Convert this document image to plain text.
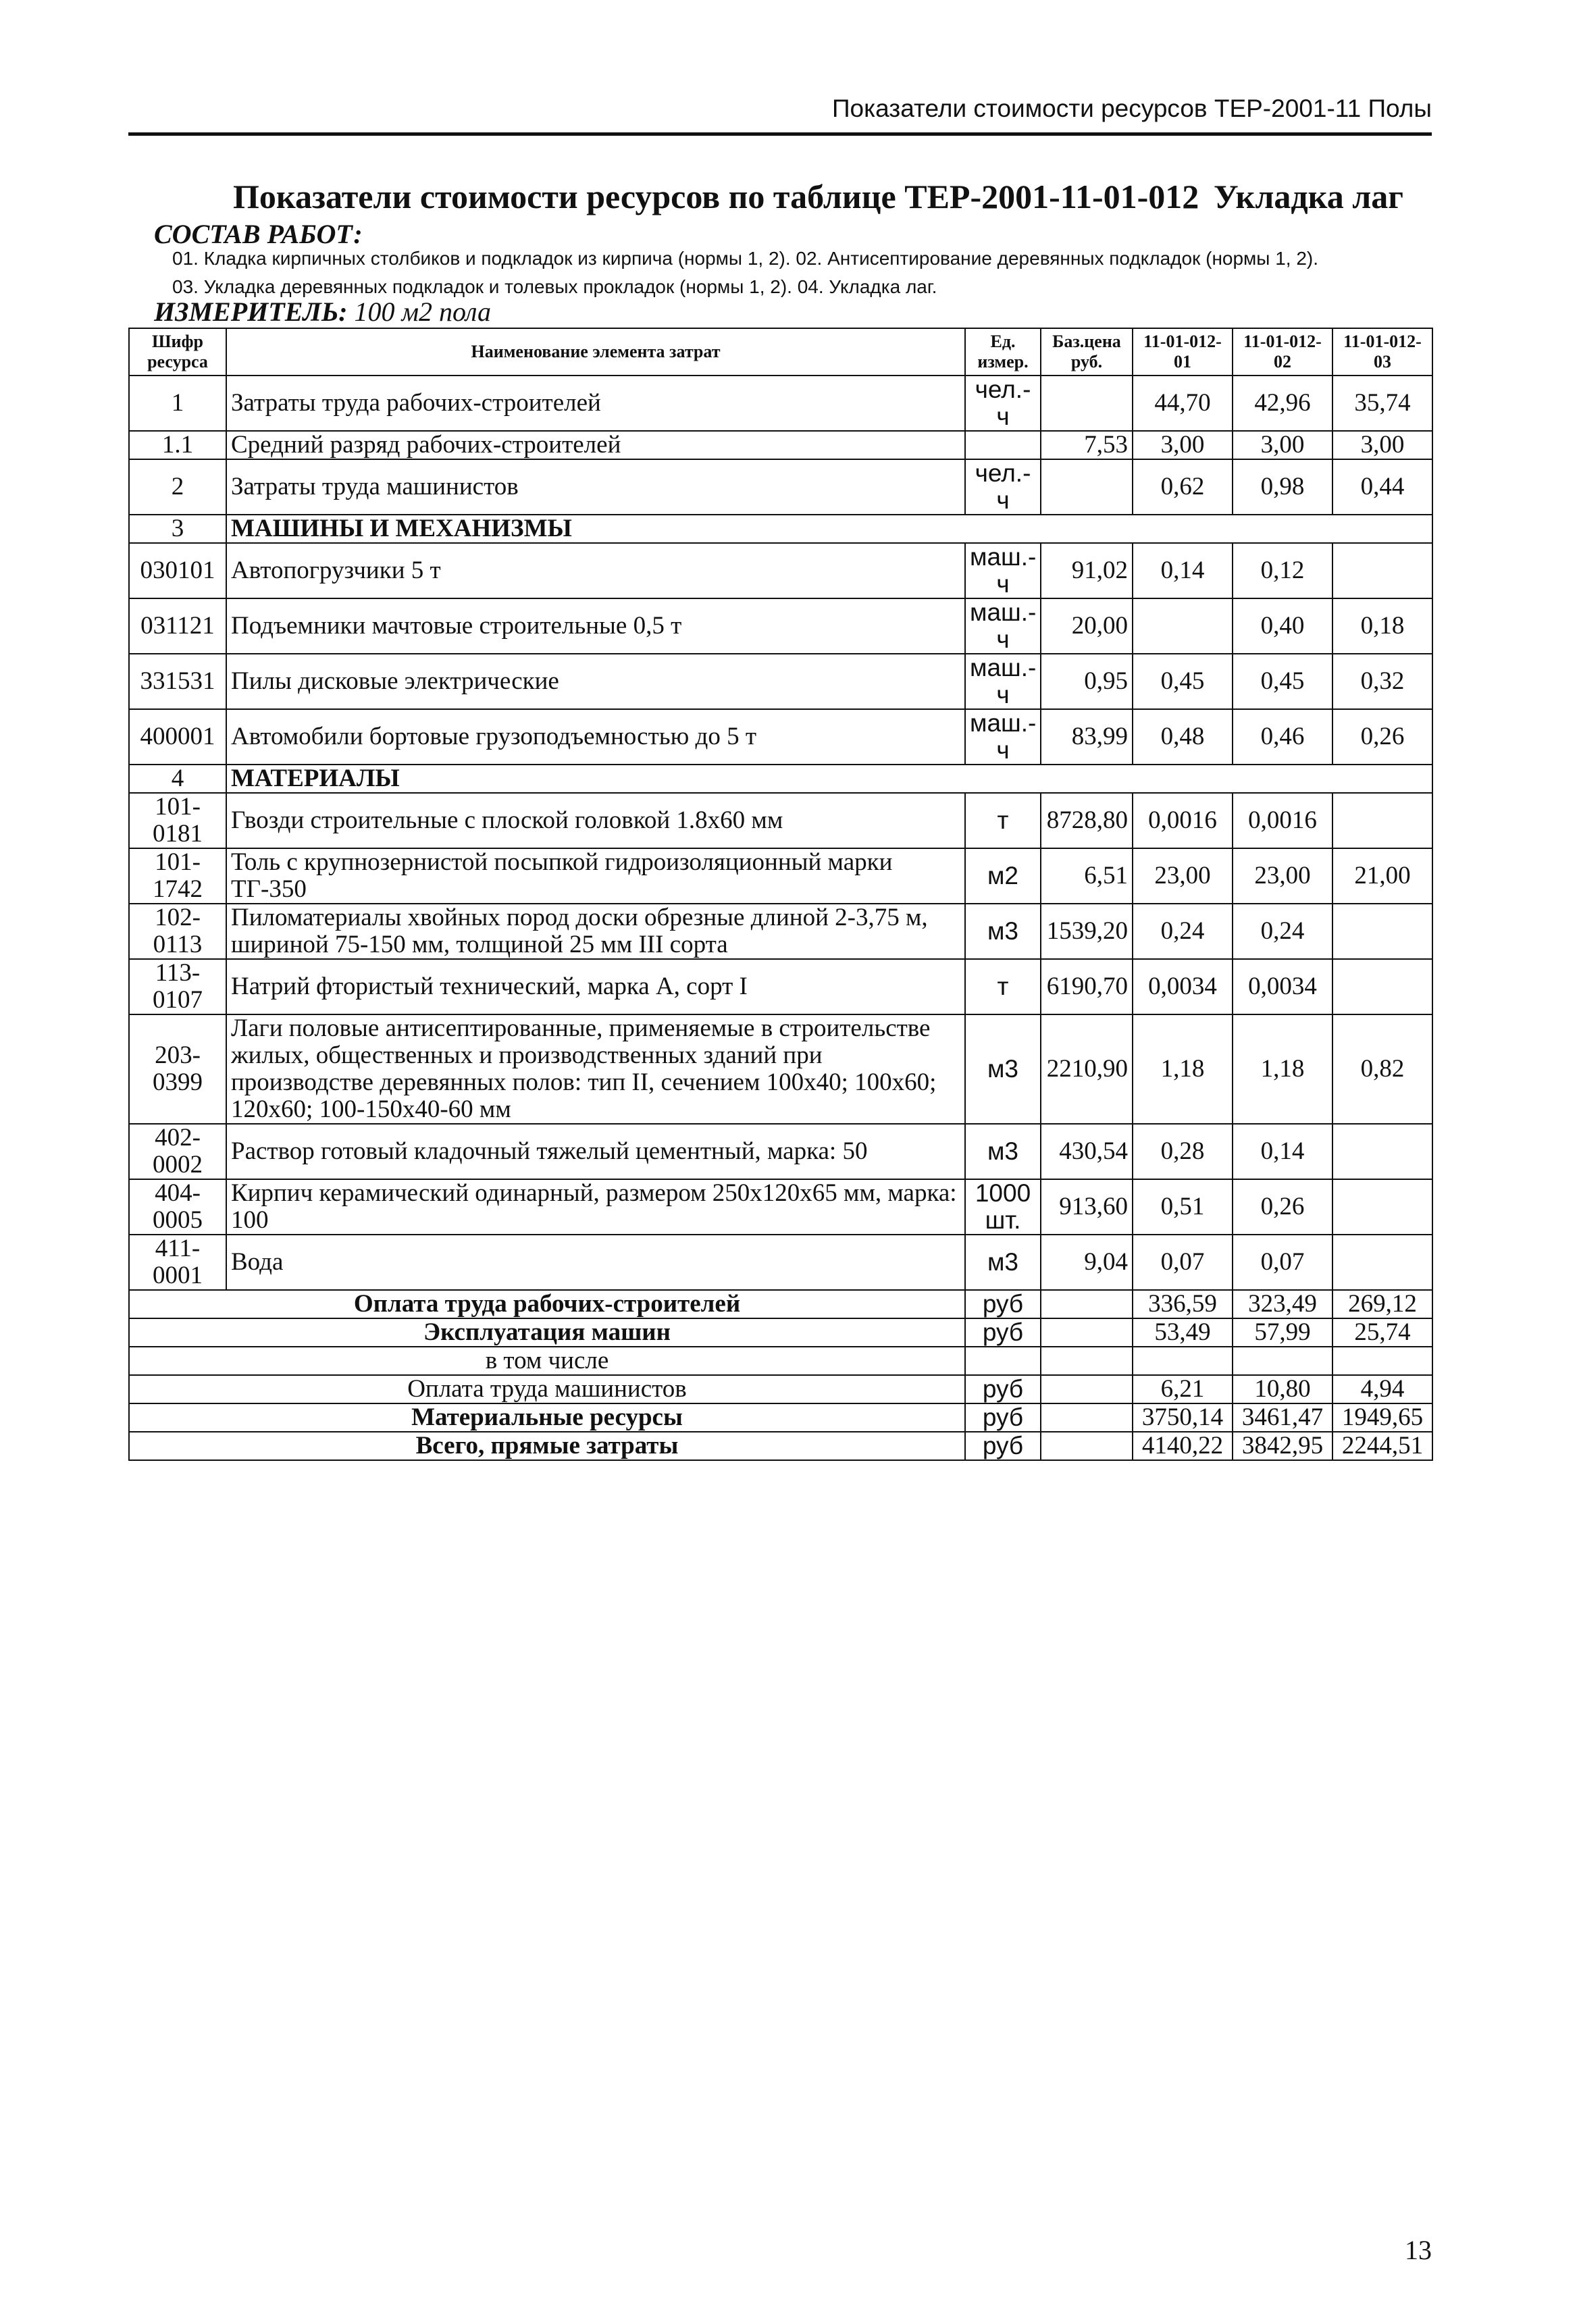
Показатели стоимости ресурсов ТЕР-2001-11 Полы
Показатели стоимости ресурсов по таблице ТЕР-2001-11-01-012 Укладка лаг
СОСТАВ РАБОТ:
01. Кладка кирпичных столбиков и подкладок из кирпича (нормы 1, 2). 02. Антисептирование деревянных подкладок (нормы 1, 2).
03. Укладка деревянных подкладок и толевых прокладок (нормы 1, 2). 04. Укладка лаг.
ИЗМЕРИТЕЛЬ: 100 м2 пола
Шифр ресурса	Наименование элемента затрат	Ед. измер.	Баз.цена руб.	11-01-012-01	11-01-012-02	11-01-012-03
1	Затраты труда рабочих-строителей	чел.-ч		44,70	42,96	35,74
1.1	Средний разряд рабочих-строителей		7,53	3,00	3,00	3,00
2	Затраты труда машинистов	чел.-ч		0,62	0,98	0,44
3	МАШИНЫ И МЕХАНИЗМЫ					
030101	Автопогрузчики 5 т	маш.-ч	91,02	0,14	0,12	
031121	Подъемники мачтовые строительные 0,5 т	маш.-ч	20,00		0,40	0,18
331531	Пилы дисковые электрические	маш.-ч	0,95	0,45	0,45	0,32
400001	Автомобили бортовые грузоподъемностью до 5 т	маш.-ч	83,99	0,48	0,46	0,26
4	МАТЕРИАЛЫ					
101-0181	Гвозди строительные с плоской головкой 1.8х60 мм	т	8728,80	0,0016	0,0016	
101-1742	Толь с крупнозернистой посыпкой гидроизоляционный марки ТГ-350	м2	6,51	23,00	23,00	21,00
102-0113	Пиломатериалы хвойных пород доски обрезные длиной 2-3,75 м, шириной 75-150 мм, толщиной 25 мм III сорта	м3	1539,20	0,24	0,24	
113-0107	Натрий фтористый технический, марка А, сорт I	т	6190,70	0,0034	0,0034	
203-0399	Лаги половые антисептированные, применяемые в строительстве жилых, общественных и производственных зданий при производстве деревянных полов: тип II, сечением 100х40; 100х60; 120х60; 100-150х40-60 мм	м3	2210,90	1,18	1,18	0,82
402-0002	Раствор готовый кладочный тяжелый цементный, марка: 50	м3	430,54	0,28	0,14	
404-0005	Кирпич керамический одинарный, размером 250х120х65 мм, марка: 100	1000 шт.	913,60	0,51	0,26	
411-0001	Вода	м3	9,04	0,07	0,07	
Оплата труда рабочих-строителей		руб		336,59	323,49	269,12
Эксплуатация машин		руб		53,49	57,99	25,74
в том числе						
Оплата труда машинистов		руб		6,21	10,80	4,94
Материальные ресурсы		руб		3750,14	3461,47	1949,65
Всего, прямые затраты		руб		4140,22	3842,95	2244,51
13
